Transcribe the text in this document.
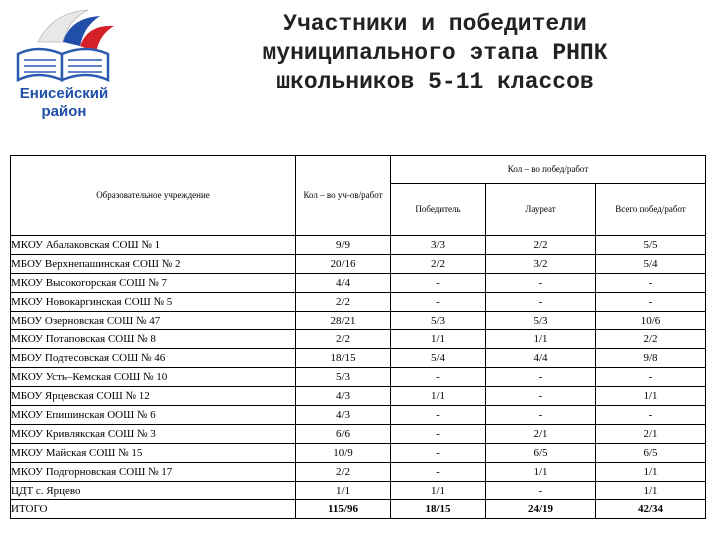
Енисейский
район
Участники и победители
муниципального этапа РНПК
школьников 5-11 классов
Образовательное учреждение	Кол – во уч-ов/работ	Кол – во побед/работ		
		Победитель	Лауреат	Всего побед/работ
МКОУ Абалаковская СОШ № 1	9/9	3/3	2/2	5/5
МБОУ Верхнепашинская СОШ № 2	20/16	2/2	3/2	5/4
МКОУ Высокогорская СОШ № 7	4/4	-	-	-
МКОУ Новокаргинская СОШ № 5	2/2	-	-	-
МБОУ Озерновская СОШ № 47	28/21	5/3	5/3	10/6
МКОУ Потаповская СОШ № 8	2/2	1/1	1/1	2/2
МБОУ Подтесовская СОШ № 46	18/15	5/4	4/4	9/8
МКОУ Усть–Кемская СОШ № 10	5/3	-	-	-
МБОУ Ярцевская СОШ № 12	4/3	1/1	-	1/1
МКОУ Епишинская ООШ № 6	4/3	-	-	-
МКОУ Кривлякская СОШ № 3	6/6	-	2/1	2/1
МКОУ Майская СОШ № 15	10/9	-	6/5	6/5
МКОУ Подгорновская СОШ № 17	2/2	-	1/1	1/1
ЦДТ с. Ярцево	1/1	1/1	-	1/1
ИТОГО	115/96	18/15	24/19	42/34
